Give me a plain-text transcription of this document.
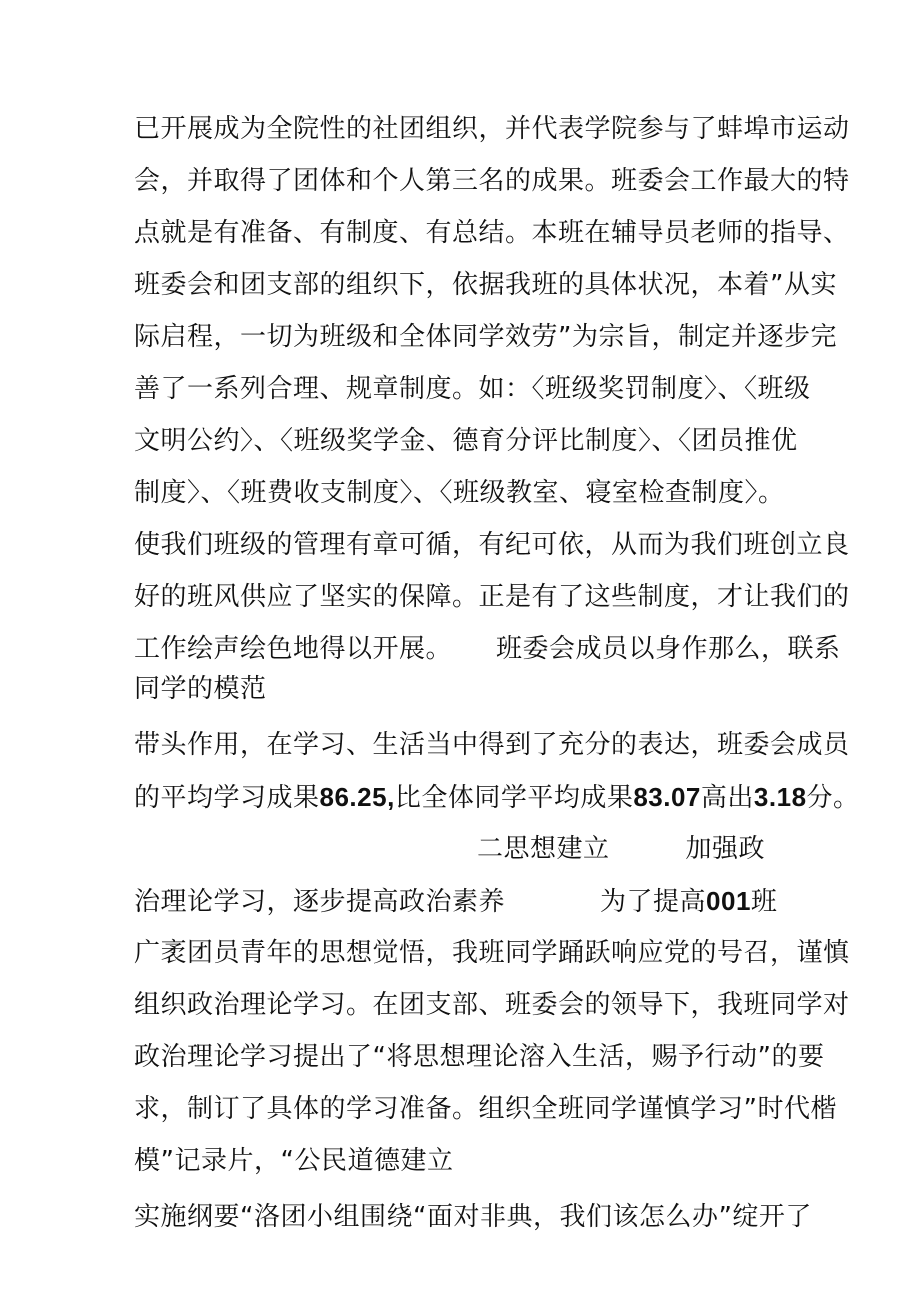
已开展成为全院性的社团组织，并代表学院参与了蚌埠市运动
会，并取得了团体和个人第三名的成果。班委会工作最大的特
点就是有准备、有制度、有总结。本班在辅导员老师的指导、
班委会和团支部的组织下，依据我班的具体状况，本着”从实
际启程，一切为班级和全体同学效劳”为宗旨，制定并逐步完
善了一系列合理、规章制度。如：〈班级奖罚制度〉、〈班级
文明公约〉、〈班级奖学金、德育分评比制度〉、〈团员推优
制度〉、〈班费收支制度〉、〈班级教室、寝室检查制度〉。
使我们班级的管理有章可循，有纪可依，从而为我们班创立良
好的班风供应了坚实的保障。正是有了这些制度，才让我们的
工作绘声绘色地得以开展。 班委会成员以身作那么，联系
同学的模范
带头作用，在学习、生活当中得到了充分的表达，班委会成员
的平均学习成果86.25,比全体同学平均成果83.07高出3.18分。
二思想建立	加强政
治理论学习，逐步提高政治素养	为了提高001班
广袤团员青年的思想觉悟，我班同学踊跃响应党的号召，谨慎
组织政治理论学习。在团支部、班委会的领导下，我班同学对
政治理论学习提出了“将思想理论溶入生活，赐予行动”的要
求，制订了具体的学习准备。组织全班同学谨慎学习”时代楷
模”记录片，“公民道德建立
实施纲要“洛团小组围绕“面对非典，我们该怎么办”绽开了
